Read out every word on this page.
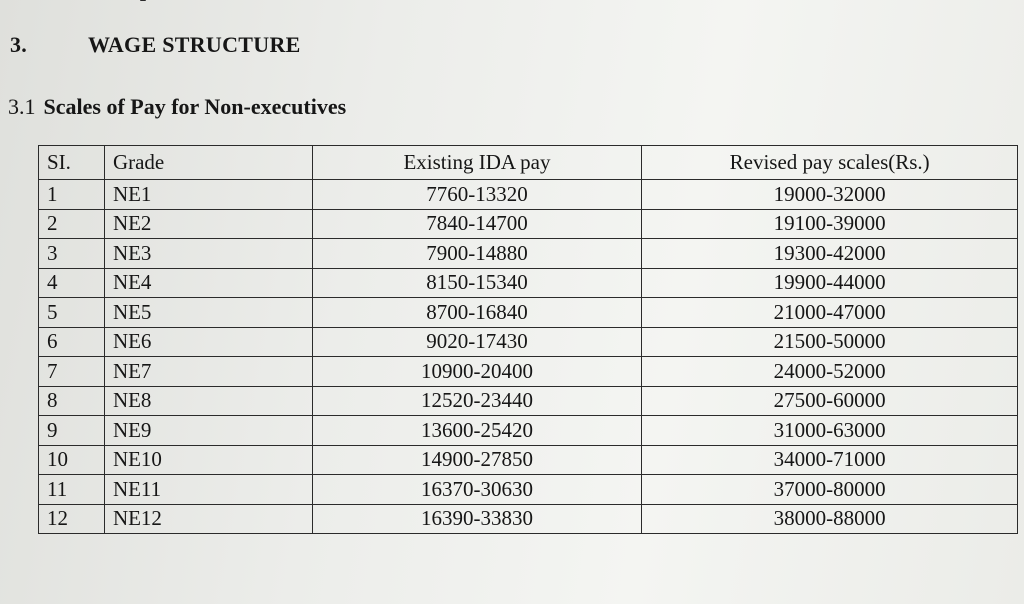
3.	WAGE STRUCTURE
3.1 Scales of Pay for Non-executives
SI.	Grade	Existing IDA pay	Revised pay scales(Rs.)
1	NE1	7760-13320	19000-32000
2	NE2	7840-14700	19100-39000
3	NE3	7900-14880	19300-42000
4	NE4	8150-15340	19900-44000
5	NE5	8700-16840	21000-47000
6	NE6	9020-17430	21500-50000
7	NE7	10900-20400	24000-52000
8	NE8	12520-23440	27500-60000
9	NE9	13600-25420	31000-63000
10	NE10	14900-27850	34000-71000
11	NE11	16370-30630	37000-80000
12	NE12	16390-33830	38000-88000
